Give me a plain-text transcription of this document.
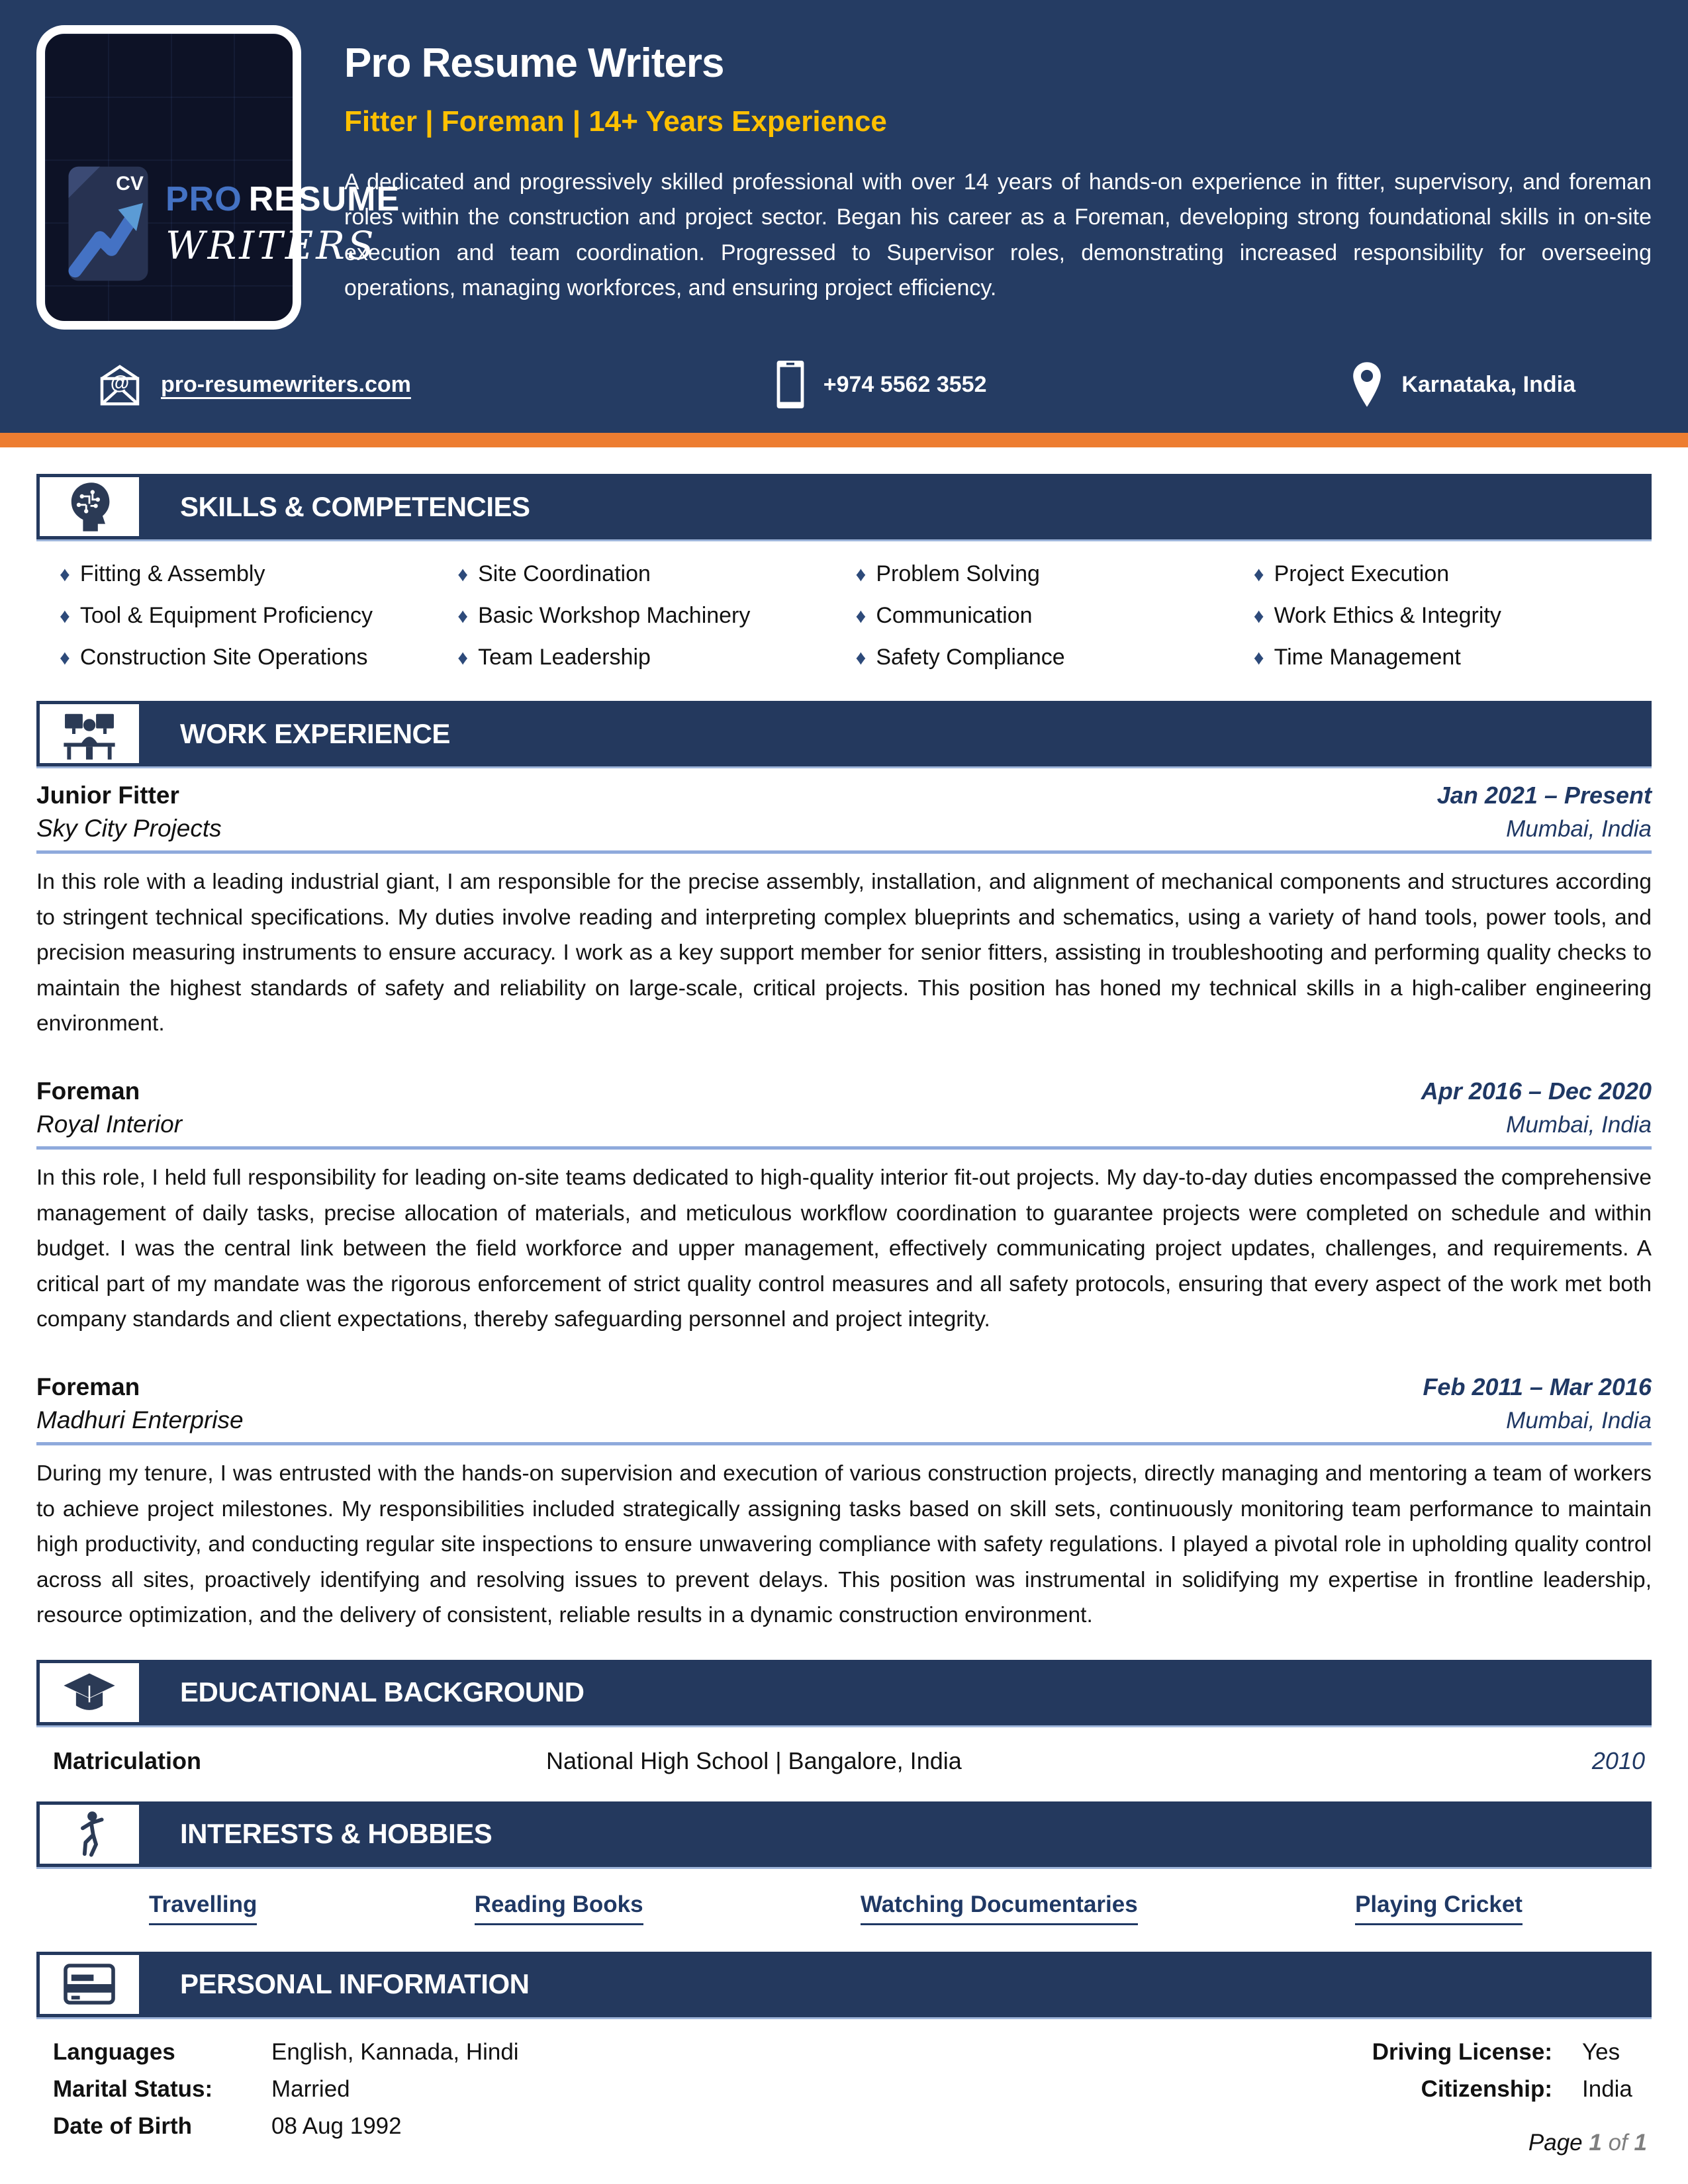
CV PRO RESUME
WRITERS
Pro Resume Writers
Fitter | Foreman | 14+ Years Experience
A dedicated and progressively skilled professional with over 14 years of hands-on experience in fitter, supervisory, and foreman roles within the construction and project sector. Began his career as a Foreman, developing strong foundational skills in on-site execution and team coordination. Progressed to Supervisor roles, demonstrating increased responsibility for overseeing operations, managing workforces, and ensuring project efficiency.
@ pro-resumewriters.com	+974 5562 3552	Karnataka, India
SKILLS & COMPETENCIES
♦ Fitting & Assembly
♦ Tool & Equipment Proficiency
♦ Construction Site Operations
♦ Site Coordination
♦ Basic Workshop Machinery
♦ Team Leadership
♦ Problem Solving
♦ Communication
♦ Safety Compliance
♦ Project Execution
♦ Work Ethics & Integrity
♦ Time Management
WORK EXPERIENCE
Junior Fitter	Jan 2021 – Present
Sky City Projects	Mumbai, India
In this role with a leading industrial giant, I am responsible for the precise assembly, installation, and alignment of mechanical components and structures according to stringent technical specifications. My duties involve reading and interpreting complex blueprints and schematics, using a variety of hand tools, power tools, and precision measuring instruments to ensure accuracy. I work as a key support member for senior fitters, assisting in troubleshooting and performing quality checks to maintain the highest standards of safety and reliability on large-scale, critical projects. This position has honed my technical skills in a high-caliber engineering environment.
Foreman	Apr 2016 – Dec 2020
Royal Interior	Mumbai, India
In this role, I held full responsibility for leading on-site teams dedicated to high-quality interior fit-out projects. My day-to-day duties encompassed the comprehensive management of daily tasks, precise allocation of materials, and meticulous workflow coordination to guarantee projects were completed on schedule and within budget. I was the central link between the field workforce and upper management, effectively communicating project updates, challenges, and requirements. A critical part of my mandate was the rigorous enforcement of strict quality control measures and all safety protocols, ensuring that every aspect of the work met both company standards and client expectations, thereby safeguarding personnel and project integrity.
Foreman	Feb 2011 – Mar 2016
Madhuri Enterprise	Mumbai, India
During my tenure, I was entrusted with the hands-on supervision and execution of various construction projects, directly managing and mentoring a team of workers to achieve project milestones. My responsibilities included strategically assigning tasks based on skill sets, continuously monitoring team performance to maintain high productivity, and conducting regular site inspections to ensure unwavering compliance with safety regulations. I played a pivotal role in upholding quality control across all sites, proactively identifying and resolving issues to prevent delays. This position was instrumental in solidifying my expertise in frontline leadership, resource optimization, and the delivery of consistent, reliable results in a dynamic construction environment.
EDUCATIONAL BACKGROUND
Matriculation	National High School | Bangalore, India	2010
INTERESTS & HOBBIES
Travelling	Reading Books	Watching Documentaries	Playing Cricket
PERSONAL INFORMATION
Languages	English, Kannada, Hindi
Marital Status:	Married
Date of Birth	08 Aug 1992
Driving License: Yes
Citizenship: India
Page 1 of 1
